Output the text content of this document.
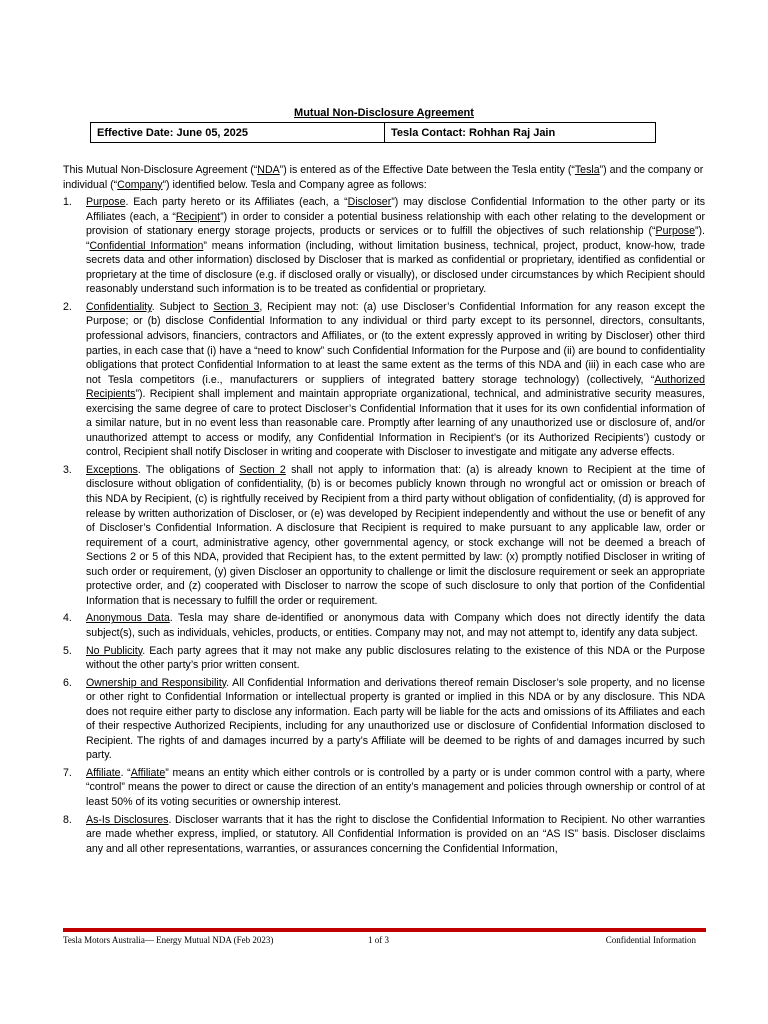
Mutual Non-Disclosure Agreement
Effective Date: June 05, 2025	Tesla Contact: Rohhan Raj Jain

This Mutual Non-Disclosure Agreement (“NDA”) is entered as of the Effective Date between the Tesla entity (“Tesla”) and the company or individual (“Company”) identified below. Tesla and Company agree as follows:

1. Purpose. Each party hereto or its Affiliates (each, a “Discloser”) may disclose Confidential Information to the other party or its Affiliates (each, a “Recipient”) in order to consider a potential business relationship with each other relating to the development or provision of stationary energy storage projects, products or services or to fulfill the objectives of such relationship (“Purpose”). “Confidential Information” means information (including, without limitation business, technical, project, product, know-how, trade secrets data and other information) disclosed by Discloser that is marked as confidential or proprietary, identified as confidential or proprietary at the time of disclosure (e.g. if disclosed orally or visually), or disclosed under circumstances by which Recipient should reasonably understand such information is to be treated as confidential or proprietary.
2. Confidentiality. Subject to Section 3, Recipient may not: (a) use Discloser’s Confidential Information for any reason except the Purpose; or (b) disclose Confidential Information to any individual or third party except to its personnel, directors, consultants, professional advisors, financiers, contractors and Affiliates, or (to the extent expressly approved in writing by Discloser) other third parties, in each case that (i) have a “need to know” such Confidential Information for the Purpose and (ii) are bound to confidentiality obligations that protect Confidential Information to at least the same extent as the terms of this NDA and (iii) in each case who are not Tesla competitors (i.e., manufacturers or suppliers of integrated battery storage technology) (collectively, “Authorized Recipients”). Recipient shall implement and maintain appropriate organizational, technical, and administrative security measures, exercising the same degree of care to protect Discloser’s Confidential Information that it uses for its own confidential information of a similar nature, but in no event less than reasonable care. Promptly after learning of any unauthorized use or disclosure of, and/or unauthorized attempt to access or modify, any Confidential Information in Recipient’s (or its Authorized Recipients’) custody or control, Recipient shall notify Discloser in writing and cooperate with Discloser to investigate and mitigate any adverse effects.
3. Exceptions. The obligations of Section 2 shall not apply to information that: (a) is already known to Recipient at the time of disclosure without obligation of confidentiality, (b) is or becomes publicly known through no wrongful act or omission or breach of this NDA by Recipient, (c) is rightfully received by Recipient from a third party without obligation of confidentiality, (d) is approved for release by written authorization of Discloser, or (e) was developed by Recipient independently and without the use or benefit of any of Discloser’s Confidential Information. A disclosure that Recipient is required to make pursuant to any applicable law, order or requirement of a court, administrative agency, other governmental agency, or stock exchange will not be deemed a breach of Sections 2 or 5 of this NDA, provided that Recipient has, to the extent permitted by law: (x) promptly notified Discloser in writing of such order or requirement, (y) given Discloser an opportunity to challenge or limit the disclosure requirement or seek an appropriate protective order, and (z) cooperated with Discloser to narrow the scope of such disclosure to only that portion of the Confidential Information that is necessary to fulfill the order or requirement.
4. Anonymous Data. Tesla may share de-identified or anonymous data with Company which does not directly identify the data subject(s), such as individuals, vehicles, products, or entities. Company may not, and may not attempt to, identify any data subject.
5. No Publicity. Each party agrees that it may not make any public disclosures relating to the existence of this NDA or the Purpose without the other party’s prior written consent.
6. Ownership and Responsibility. All Confidential Information and derivations thereof remain Discloser’s sole property, and no license or other right to Confidential Information or intellectual property is granted or implied in this NDA or by any disclosure. This NDA does not require either party to disclose any information. Each party will be liable for the acts and omissions of its Affiliates and each of their respective Authorized Recipients, including for any unauthorized use or disclosure of Confidential Information disclosed to Recipient. The rights of and damages incurred by a party’s Affiliate will be deemed to be rights of and damages incurred by such party.
7. Affiliate. “Affiliate” means an entity which either controls or is controlled by a party or is under common control with a party, where “control” means the power to direct or cause the direction of an entity’s management and policies through ownership or control of at least 50% of its voting securities or ownership interest.
8. As-Is Disclosures. Discloser warrants that it has the right to disclose the Confidential Information to Recipient. No other warranties are made whether express, implied, or statutory. All Confidential Information is provided on an “AS IS” basis. Discloser disclaims any and all other representations, warranties, or assurances concerning the Confidential Information,
Tesla Motors Australia— Energy Mutual NDA (Feb 2023)	1 of 3	Confidential Information
